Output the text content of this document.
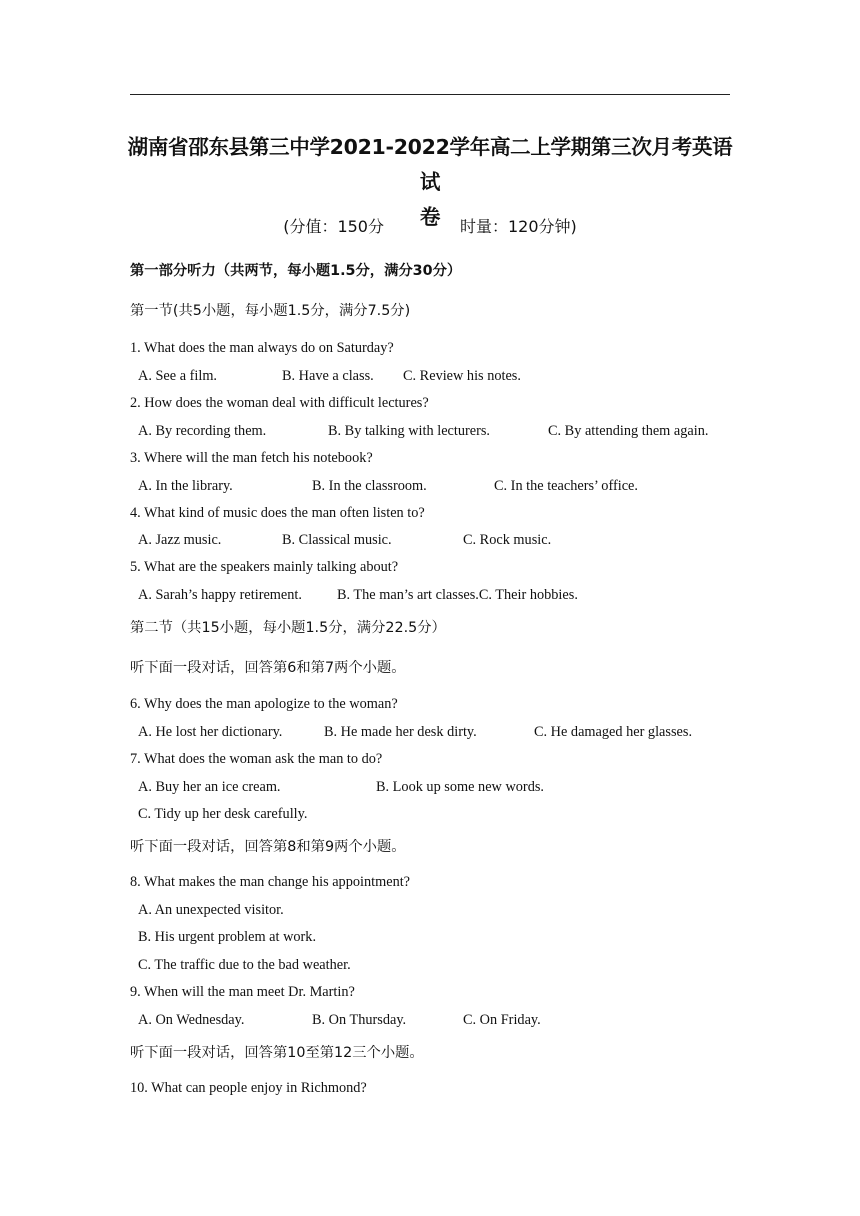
湖南省邵东县第三中学2021-2022学年高二上学期第三次月考英语试
卷
(分值：150分	时量：120分钟)
第一部分听力（共两节，每小题1.5分，满分30分）
第一节(共5小题，每小题1.5分，满分7.5分)
1. What does the man always do on Saturday?
A. See a film.	B. Have a class. C. Review his notes.
2. How does the woman deal with difficult lectures?
A. By recording them.	B. By talking with lecturers.	C. By attending them again.
3. Where will the man fetch his notebook?
A. In the library.	B. In the classroom.	C. In the teachers’ office.
4. What kind of music does the man often listen to?
A. Jazz music.	B. Classical music.	C. Rock music.
5. What are the speakers mainly talking about?
A. Sarah’s happy retirement. B. The man’s art classes.C. Their hobbies.
第二节（共15小题，每小题1.5分，满分22.5分）
听下面一段对话，回答第6和第7两个小题。
6. Why does the man apologize to the woman?
A. He lost her dictionary.	B. He made her desk dirty.	C. He damaged her glasses.
7. What does the woman ask the man to do?
A. Buy her an ice cream.	B. Look up some new words.
C. Tidy up her desk carefully.
听下面一段对话，回答第8和第9两个小题。
8. What makes the man change his appointment?
A. An unexpected visitor.
B. His urgent problem at work.
C. The traffic due to the bad weather.
9. When will the man meet Dr. Martin?
A. On Wednesday.	B. On Thursday.	C. On Friday.
听下面一段对话，回答第10至第12三个小题。
10. What can people enjoy in Richmond?
